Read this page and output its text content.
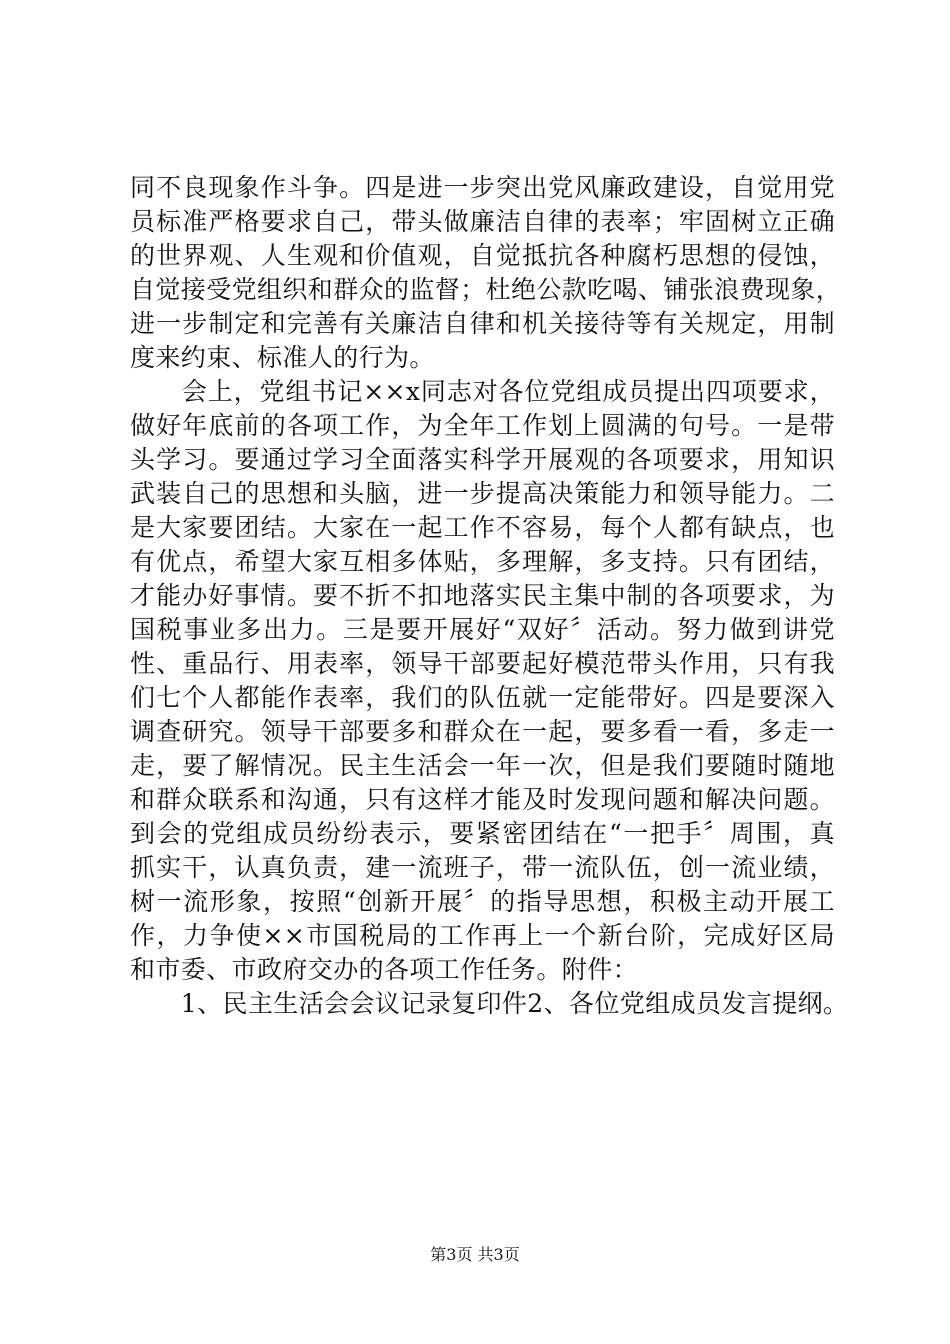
同不良现象作斗争。四是进一步突出党风廉政建设，自觉用党
员标准严格要求自己，带头做廉洁自律的表率；牢固树立正确
的世界观、人生观和价值观，自觉抵抗各种腐朽思想的侵蚀，
自觉接受党组织和群众的监督；杜绝公款吃喝、铺张浪费现象，
进一步制定和完善有关廉洁自律和机关接待等有关规定，用制
度来约束、标准人的行为。
　　会上，党组书记××x同志对各位党组成员提出四项要求，
做好年底前的各项工作，为全年工作划上圆满的句号。一是带
头学习。要通过学习全面落实科学开展观的各项要求，用知识
武装自己的思想和头脑，进一步提高决策能力和领导能力。二
是大家要团结。大家在一起工作不容易，每个人都有缺点，也
有优点，希望大家互相多体贴，多理解，多支持。只有团结，
才能办好事情。要不折不扣地落实民主集中制的各项要求，为
国税事业多出力。三是要开展好“双好〞活动。努力做到讲党
性、重品行、用表率，领导干部要起好模范带头作用，只有我
们七个人都能作表率，我们的队伍就一定能带好。四是要深入
调查研究。领导干部要多和群众在一起，要多看一看，多走一
走，要了解情况。民主生活会一年一次，但是我们要随时随地
和群众联系和沟通，只有这样才能及时发现问题和解决问题。
到会的党组成员纷纷表示，要紧密团结在“一把手〞周围，真
抓实干，认真负责，建一流班子，带一流队伍，创一流业绩，
树一流形象，按照“创新开展〞的指导思想，积极主动开展工
作，力争使××市国税局的工作再上一个新台阶，完成好区局
和市委、市政府交办的各项工作任务。附件：
　　1、民主生活会会议记录复印件2、各位党组成员发言提纲。
第3页 共3页
